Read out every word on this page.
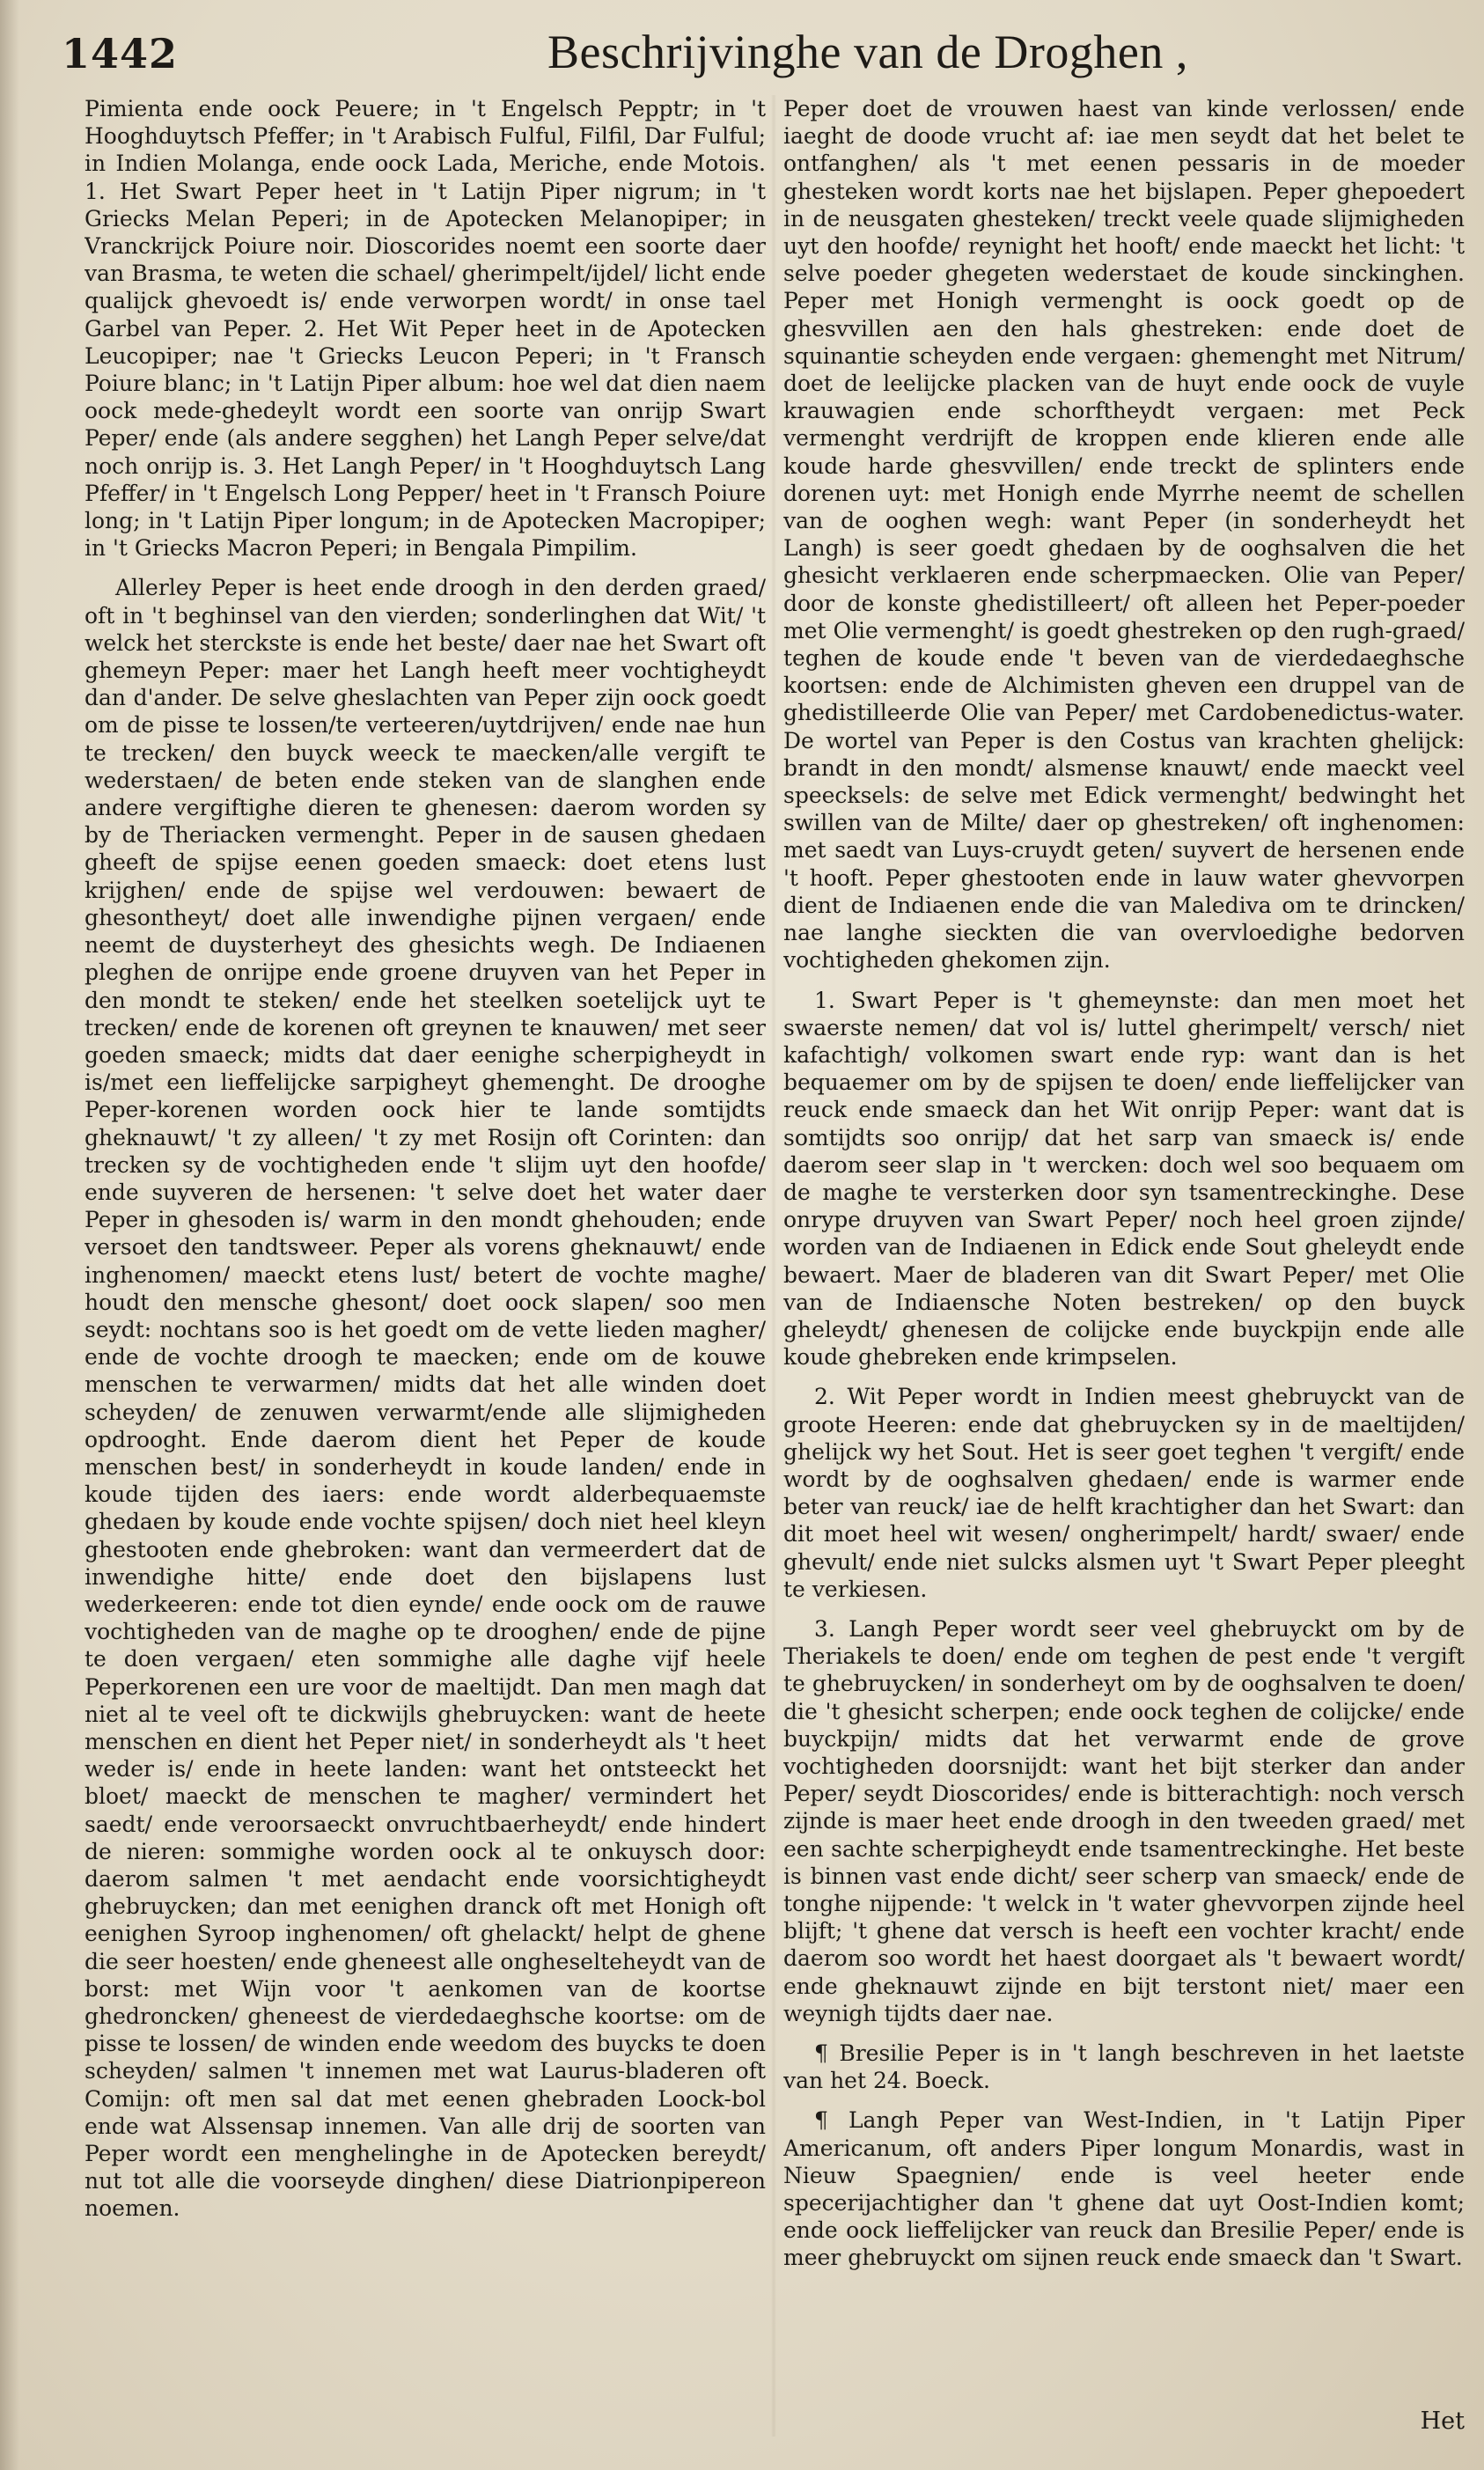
1442	Beschrijvinghe van de Droghen ,

Pimienta ende oock Peuere; in 't Engelsch Pepptr; in 't Hooghduytsch Pfeffer; in 't Arabisch Fulful, Filfil, Dar Fulful; in Indien Molanga, ende oock Lada, Meriche, ende Motois. 1. Het Swart Peper heet in 't Latijn Piper nigrum; in 't Griecks Melan Peperi; in de Apotecken Melanopiper; in Vranckrijck Poiure noir. Dioscorides noemt een soorte daer van Brasma, te weten die schael/ gherimpelt/ijdel/ licht ende qualijck ghevoedt is/ ende verworpen wordt/ in onse tael Garbel van Peper. 2. Het Wit Peper heet in de Apotecken Leucopiper; nae 't Griecks Leucon Peperi; in 't Fransch Poiure blanc; in 't Latijn Piper album: hoe wel dat dien naem oock mede-ghedeylt wordt een soorte van onrijp Swart Peper/ ende (als andere segghen) het Langh Peper selve/dat noch onrijp is. 3. Het Langh Peper/ in 't Hooghduytsch Lang Pfeffer/ in 't Engelsch Long Pepper/ heet in 't Fransch Poiure long; in 't Latijn Piper longum; in de Apotecken Macropiper; in 't Griecks Macron Peperi; in Bengala Pimpilim.

Allerley Peper is heet ende droogh in den derden graed/ oft in 't beghinsel van den vierden; sonderlinghen dat Wit/ 't welck het sterckste is ende het beste/ daer nae het Swart oft ghemeyn Peper: maer het Langh heeft meer vochtigheydt dan d'ander. De selve gheslachten van Peper zijn oock goedt om de pisse te lossen/te verteeren/uytdrijven/ ende nae hun te trecken/ den buyck weeck te maecken/alle vergift te wederstaen/ de beten ende steken van de slanghen ende andere vergiftighe dieren te ghenesen: daerom worden sy by de Theriacken vermenght. Peper in de sausen ghedaen gheeft de spijse eenen goeden smaeck: doet etens lust krijghen/ ende de spijse wel verdouwen: bewaert de ghesontheyt/ doet alle inwendighe pijnen vergaen/ ende neemt de duysterheyt des ghesichts wegh. De Indiaenen pleghen de onrijpe ende groene druyven van het Peper in den mondt te steken/ ende het steelken soetelijck uyt te trecken/ ende de korenen oft greynen te knauwen/ met seer goeden smaeck; midts dat daer eenighe scherpigheydt in is/met een lieffelijcke sarpigheyt ghemenght. De drooghe Peper-korenen worden oock hier te lande somtijdts gheknauwt/ 't zy alleen/ 't zy met Rosijn oft Corinten: dan trecken sy de vochtigheden ende 't slijm uyt den hoofde/ ende suyveren de hersenen: 't selve doet het water daer Peper in ghesoden is/ warm in den mondt ghehouden; ende versoet den tandtsweer. Peper als vorens gheknauwt/ ende inghenomen/ maeckt etens lust/ betert de vochte maghe/ houdt den mensche ghesont/ doet oock slapen/ soo men seydt: nochtans soo is het goedt om de vette lieden magher/ ende de vochte droogh te maecken; ende om de kouwe menschen te verwarmen/ midts dat het alle winden doet scheyden/ de zenuwen verwarmt/ende alle slijmigheden opdrooght. Ende daerom dient het Peper de koude menschen best/ in sonderheydt in koude landen/ ende in koude tijden des iaers: ende wordt alderbequaemste ghedaen by koude ende vochte spijsen/ doch niet heel kleyn ghestooten ende ghebroken: want dan vermeerdert dat de inwendighe hitte/ ende doet den bijslapens lust wederkeeren: ende tot dien eynde/ ende oock om de rauwe vochtigheden van de maghe op te drooghen/ ende de pijne te doen vergaen/ eten sommighe alle daghe vijf heele Peperkorenen een ure voor de maeltijdt. Dan men magh dat niet al te veel oft te dickwijls ghebruycken: want de heete menschen en dient het Peper niet/ in sonderheydt als 't heet weder is/ ende in heete landen: want het ontsteeckt het bloet/ maeckt de menschen te magher/ vermindert het saedt/ ende veroorsaeckt onvruchtbaerheydt/ ende hindert de nieren: sommighe worden oock al te onkuysch door: daerom salmen 't met aendacht ende voorsichtigheydt ghebruycken; dan met eenighen dranck oft met Honigh oft eenighen Syroop inghenomen/ oft ghelackt/ helpt de ghene die seer hoesten/ ende gheneest alle ongheselteheydt van de borst: met Wijn voor 't aenkomen van de koortse ghedroncken/ gheneest de vierdedaeghsche koortse: om de pisse te lossen/ de winden ende weedom des buycks te doen scheyden/ salmen 't innemen met wat Laurus-bladeren oft Comijn: oft men sal dat met eenen ghebraden Loock-bol ende wat Alssensap innemen. Van alle drij de soorten van Peper wordt een menghelinghe in de Apotecken bereydt/ nut tot alle die voorseyde dinghen/ diese Diatrionpipereon noemen.

Peper doet de vrouwen haest van kinde verlossen/ ende iaeght de doode vrucht af: iae men seydt dat het belet te ontfanghen/ als 't met eenen pessaris in de moeder ghesteken wordt korts nae het bijslapen. Peper ghepoedert in de neusgaten ghesteken/ treckt veele quade slijmigheden uyt den hoofde/ reynight het hooft/ ende maeckt het licht: 't selve poeder ghegeten wederstaet de koude sinckinghen. Peper met Honigh vermenght is oock goedt op de ghesvvillen aen den hals ghestreken: ende doet de squinantie scheyden ende vergaen: ghemenght met Nitrum/ doet de leelijcke placken van de huyt ende oock de vuyle krauwagien ende schorftheydt vergaen: met Peck vermenght verdrijft de kroppen ende klieren ende alle koude harde ghesvvillen/ ende treckt de splinters ende dorenen uyt: met Honigh ende Myrrhe neemt de schellen van de ooghen wegh: want Peper (in sonderheydt het Langh) is seer goedt ghedaen by de ooghsalven die het ghesicht verklaeren ende scherpmaecken. Olie van Peper/ door de konste ghedistilleert/ oft alleen het Peper-poeder met Olie vermenght/ is goedt ghestreken op den rugh-graed/ teghen de koude ende 't beven van de vierdedaeghsche koortsen: ende de Alchimisten gheven een druppel van de ghedistilleerde Olie van Peper/ met Cardobenedictus-water. De wortel van Peper is den Costus van krachten ghelijck: brandt in den mondt/ alsmense knauwt/ ende maeckt veel speecksels: de selve met Edick vermenght/ bedwinght het swillen van de Milte/ daer op ghestreken/ oft inghenomen: met saedt van Luys-cruydt geten/ suyvert de hersenen ende 't hooft. Peper ghestooten ende in lauw water ghevvorpen dient de Indiaenen ende die van Malediva om te drincken/ nae langhe sieckten die van overvloedighe bedorven vochtigheden ghekomen zijn.

1. Swart Peper is 't ghemeynste: dan men moet het swaerste nemen/ dat vol is/ luttel gherimpelt/ versch/ niet kafachtigh/ volkomen swart ende ryp: want dan is het bequaemer om by de spijsen te doen/ ende lieffelijcker van reuck ende smaeck dan het Wit onrijp Peper: want dat is somtijdts soo onrijp/ dat het sarp van smaeck is/ ende daerom seer slap in 't wercken: doch wel soo bequaem om de maghe te versterken door syn tsamentreckinghe. Dese onrype druyven van Swart Peper/ noch heel groen zijnde/ worden van de Indiaenen in Edick ende Sout gheleydt ende bewaert. Maer de bladeren van dit Swart Peper/ met Olie van de Indiaensche Noten bestreken/ op den buyck gheleydt/ ghenesen de colijcke ende buyckpijn ende alle koude ghebreken ende krimpselen.

2. Wit Peper wordt in Indien meest ghebruyckt van de groote Heeren: ende dat ghebruycken sy in de maeltijden/ ghelijck wy het Sout. Het is seer goet teghen 't vergift/ ende wordt by de ooghsalven ghedaen/ ende is warmer ende beter van reuck/ iae de helft krachtigher dan het Swart: dan dit moet heel wit wesen/ ongherimpelt/ hardt/ swaer/ ende ghevult/ ende niet sulcks alsmen uyt 't Swart Peper pleeght te verkiesen.

3. Langh Peper wordt seer veel ghebruyckt om by de Theriakels te doen/ ende om teghen de pest ende 't vergift te ghebruycken/ in sonderheyt om by de ooghsalven te doen/ die 't ghesicht scherpen; ende oock teghen de colijcke/ ende buyckpijn/ midts dat het verwarmt ende de grove vochtigheden doorsnijdt: want het bijt sterker dan ander Peper/ seydt Dioscorides/ ende is bitterachtigh: noch versch zijnde is maer heet ende droogh in den tweeden graed/ met een sachte scherpigheydt ende tsamentreckinghe. Het beste is binnen vast ende dicht/ seer scherp van smaeck/ ende de tonghe nijpende: 't welck in 't water ghevvorpen zijnde heel blijft; 't ghene dat versch is heeft een vochter kracht/ ende daerom soo wordt het haest doorgaet als 't bewaert wordt/ ende gheknauwt zijnde en bijt terstont niet/ maer een weynigh tijdts daer nae.

¶ Bresilie Peper is in 't langh beschreven in het laetste van het 24. Boeck.

¶ Langh Peper van West-Indien, in 't Latijn Piper Americanum, oft anders Piper longum Monardis, wast in Nieuw Spaegnien/ ende is veel heeter ende specerijachtigher dan 't ghene dat uyt Oost-Indien komt; ende oock lieffelijcker van reuck dan Bresilie Peper/ ende is meer ghebruyckt om sijnen reuck ende smaeck dan 't Swart.

Het
